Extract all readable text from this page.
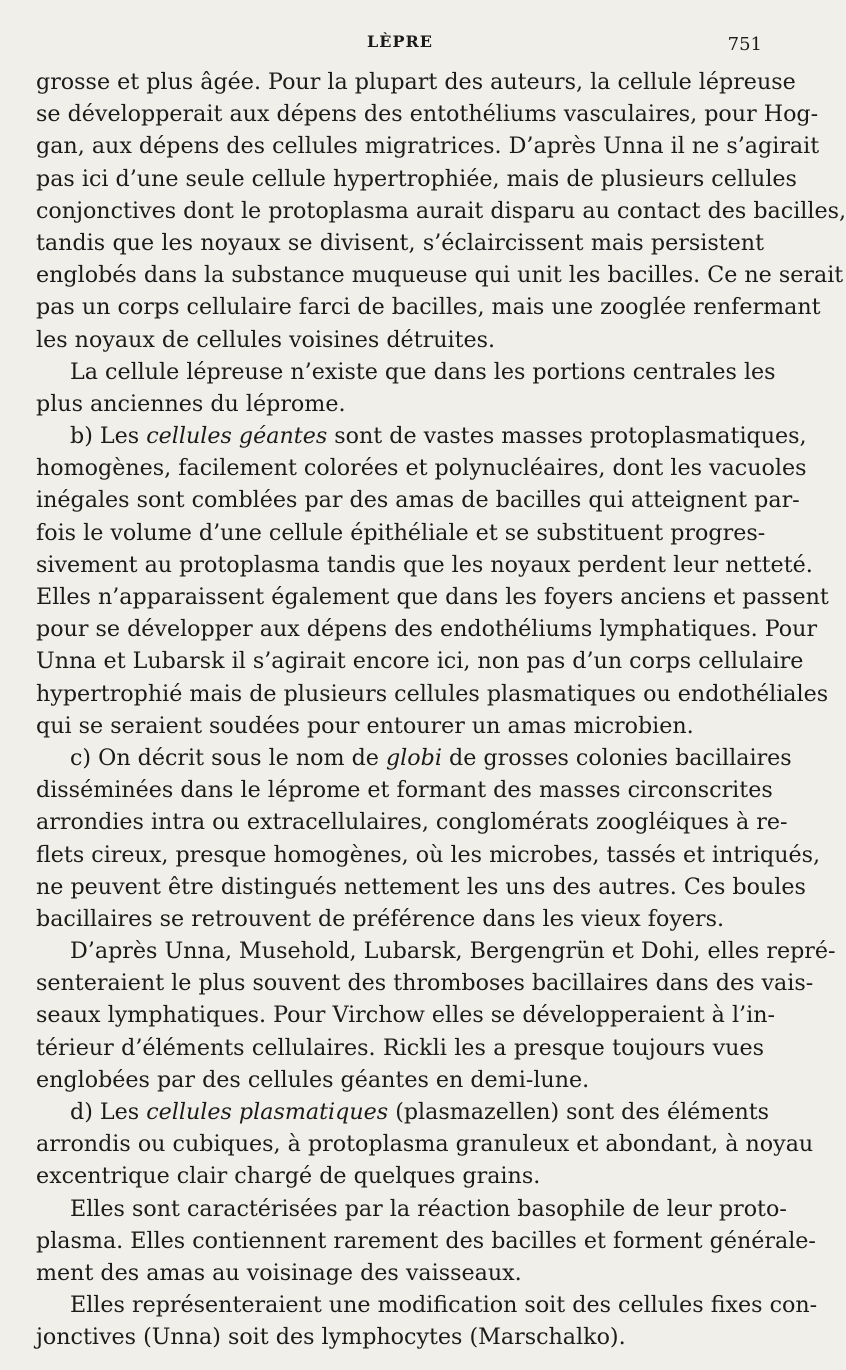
LÈPRE	751
grosse et plus âgée. Pour la plupart des auteurs, la cellule lépreuse
se développerait aux dépens des entothéliums vasculaires, pour Hog-
gan, aux dépens des cellules migratrices. D’après Unna il ne s’agirait
pas ici d’une seule cellule hypertrophiée, mais de plusieurs cellules
conjonctives dont le protoplasma aurait disparu au contact des bacilles,
tandis que les noyaux se divisent, s’éclaircissent mais persistent
englobés dans la substance muqueuse qui unit les bacilles. Ce ne serait
pas un corps cellulaire farci de bacilles, mais une zooglée renfermant
les noyaux de cellules voisines détruites.
La cellule lépreuse n’existe que dans les portions centrales les
plus anciennes du lépromе.
b) Les cellules géantes sont de vastes masses protoplasmatiques,
homogènes, facilement colorées et polynucléaires, dont les vacuoles
inégales sont comblées par des amas de bacilles qui atteignent par-
fois le volume d’une cellule épithéliale et se substituent progres-
sivement au protoplasma tandis que les noyaux perdent leur netteté.
Elles n’apparaissent également que dans les foyers anciens et passent
pour se développer aux dépens des endothéliums lymphatiques. Pour
Unna et Lubarsk il s’agirait encore ici, non pas d’un corps cellulaire
hypertrophié mais de plusieurs cellules plasmatiques ou endothéliales
qui se seraient soudées pour entourer un amas microbien.
c) On décrit sous le nom de globi de grosses colonies bacillaires
disséminées dans le léprome et formant des masses circonscrites
arrondies intra ou extracellulaires, conglomérats zoogléiques à re-
flets cireux, presque homogènes, où les microbes, tassés et intriqués,
ne peuvent être distingués nettement les uns des autres. Ces boules
bacillaires se retrouvent de préférence dans les vieux foyers.
D’après Unna, Musehold, Lubarsk, Bergengrün et Dohi, elles repré-
senteraient le plus souvent des thromboses bacillaires dans des vais-
seaux lymphatiques. Pour Virchow elles se développeraient à l’in-
térieur d’éléments cellulaires. Rickli les a presque toujours vues
englobées par des cellules géantes en demi-lune.
d) Les cellules plasmatiques (plasmazellen) sont des éléments
arrondis ou cubiques, à protoplasma granuleux et abondant, à noyau
excentrique clair chargé de quelques grains.
Elles sont caractérisées par la réaction basophile de leur proto-
plasma. Elles contiennent rarement des bacilles et forment générale-
ment des amas au voisinage des vaisseaux.
Elles représenteraient une modification soit des cellules fixes con-
jonctives (Unna) soit des lymphocytes (Marschalko).
